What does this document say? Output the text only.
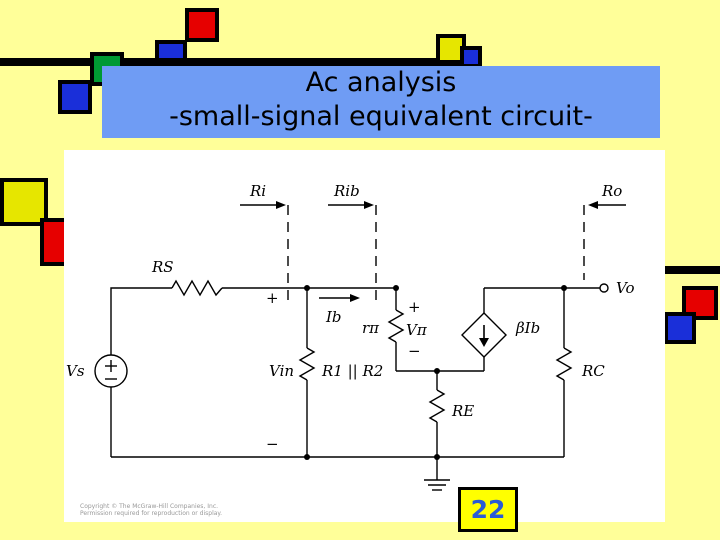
Ac analysis
-small-signal equivalent circuit-
Ri	Rib	Ro
RS
Ib
rπ Vπ	βIb
Vs	Vin R1 || R2
RE
RC
Vo
+
−
+
−
Copyright © The McGraw-Hill Companies, Inc.
Permission required for reproduction or display.	22
